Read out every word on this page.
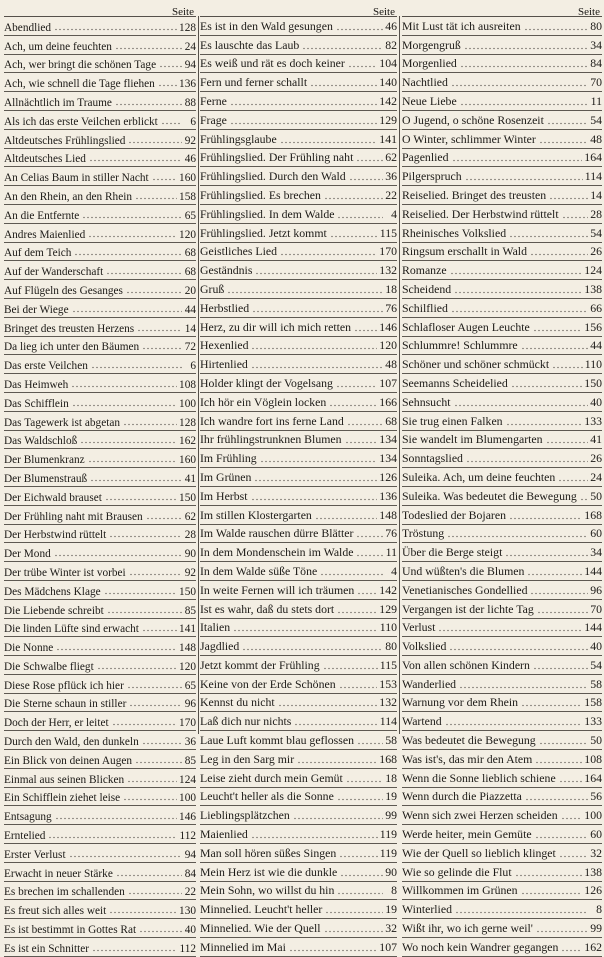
Seite
Abendlied	128
Ach, um deine feuchten	24
Ach, wer bringt die schönen Tage	94
Ach, wie schnell die Tage fliehen 136
Allnächtlich im Traume	88
Als ich das erste Veilchen erblickt	6
Altdeutsches Frühlingslied	92
Altdeutsches Lied	46
An Celias Baum in stiller Nacht	160
An den Rhein, an den Rhein	158
An die Entfernte	65
Andres Maienlied	120
Auf dem Teich	68
Auf der Wanderschaft	68
Auf Flügeln des Gesanges	20
Bei der Wiege	44
Bringet des treusten Herzens	14
Da lieg ich unter den Bäumen	72
Das erste Veilchen	6
Das Heimweh	108
Das Schifflein	100
Das Tagewerk ist abgetan	128
Das Waldschloß	162
Der Blumenkranz	160
Der Blumenstrauß	41
Der Eichwald brauset	150
Der Frühling naht mit Brausen	62
Der Herbstwind rüttelt	28
Der Mond	90
Der trübe Winter ist vorbei	92
Des Mädchens Klage	150
Die Liebende schreibt	85
Die linden Lüfte sind erwacht	141
Die Nonne	148
Die Schwalbe fliegt	120
Diese Rose pflück ich hier	65
Die Sterne schaun in stiller	96
Doch der Herr, er leitet	170
Durch den Wald, den dunkeln	36
Ein Blick von deinen Augen	85
Einmal aus seinen Blicken	124
Ein Schifflein ziehet leise	100
Entsagung	146
Erntelied	112
Erster Verlust	94
Erwacht in neuer Stärke	84
Es brechen im schallenden	22
Es freut sich alles weit	130
Es ist bestimmt in Gottes Rat	40
Es ist ein Schnitter	112
Seite
Es ist in den Wald gesungen	46
Es lauschte das Laub	82
Es weiß und rät es doch keiner	104
Fern und ferner schallt	140
Ferne	142
Frage	129
Frühlingsglaube	141
Frühlingslied. Der Frühling naht	62
Frühlingslied. Durch den Wald	36
Frühlingslied. Es brechen	22
Frühlingslied. In dem Walde	4
Frühlingslied. Jetzt kommt	115
Geistliches Lied	170
Geständnis	132
Gruß	18
Herbstlied	76
Herz, zu dir will ich mich retten 146
Hexenlied	120
Hirtenlied	48
Holder klingt der Vogelsang	107
Ich hör ein Vöglein locken	166
Ich wandre fort ins ferne Land	68
Ihr frühlingstrunknen Blumen	134
Im Frühling	134
Im Grünen	126
Im Herbst	136
Im stillen Klostergarten	148
Im Walde rauschen dürre Blätter	76
In dem Mondenschein im Walde	11
In dem Walde süße Töne	4
In weite Fernen will ich träumen 142
Ist es wahr, daß du stets dort	129
Italien	110
Jagdlied	80
Jetzt kommt der Frühling	115
Keine von der Erde Schönen	153
Kennst du nicht	132
Laß dich nur nichts	114
Laue Luft kommt blau geflossen	58
Leg in den Sarg mir	168
Leise zieht durch mein Gemüt	18
Leucht't heller als die Sonne	19
Lieblingsplätzchen	99
Maienlied	119
Man soll hören süßes Singen	119
Mein Herz ist wie die dunkle	90
Mein Sohn, wo willst du hin	8
Minnelied. Leucht't heller	19
Minnelied. Wie der Quell	32
Minnelied im Mai	107
Seite
Mit Lust tät ich ausreiten	80
Morgengruß	34
Morgenlied	84
Nachtlied	70
Neue Liebe	11
O Jugend, o schöne Rosenzeit	54
O Winter, schlimmer Winter	48
Pagenlied	164
Pilgerspruch	114
Reiselied. Bringet des treusten	14
Reiselied. Der Herbstwind rüttelt	28
Rheinisches Volkslied	54
Ringsum erschallt in Wald	26
Romanze	124
Scheidend	138
Schilflied	66
Schlafloser Augen Leuchte	156
Schlummre! Schlummre	44
Schöner und schöner schmückt	110
Seemanns Scheidelied	150
Sehnsucht	40
Sie trug einen Falken	133
Sie wandelt im Blumengarten	41
Sonntagslied	26
Suleika. Ach, um deine feuchten	24
Suleika. Was bedeutet die Bewegung 50
Todeslied der Bojaren	168
Tröstung	60
Über die Berge steigt	34
Und wüßten's die Blumen	144
Venetianisches Gondellied	96
Vergangen ist der lichte Tag	70
Verlust	144
Volkslied	40
Von allen schönen Kindern	54
Wanderlied	58
Warnung vor dem Rhein	158
Wartend	133
Was bedeutet die Bewegung	50
Was ist's, das mir den Atem	108
Wenn die Sonne lieblich schiene 164
Wenn durch die Piazzetta	56
Wenn sich zwei Herzen scheiden 100
Werde heiter, mein Gemüte	60
Wie der Quell so lieblich klinget	32
Wie so gelinde die Flut	138
Willkommen im Grünen	126
Winterlied	8
Wißt ihr, wo ich gerne weil'	99
Wo noch kein Wandrer gegangen 162
